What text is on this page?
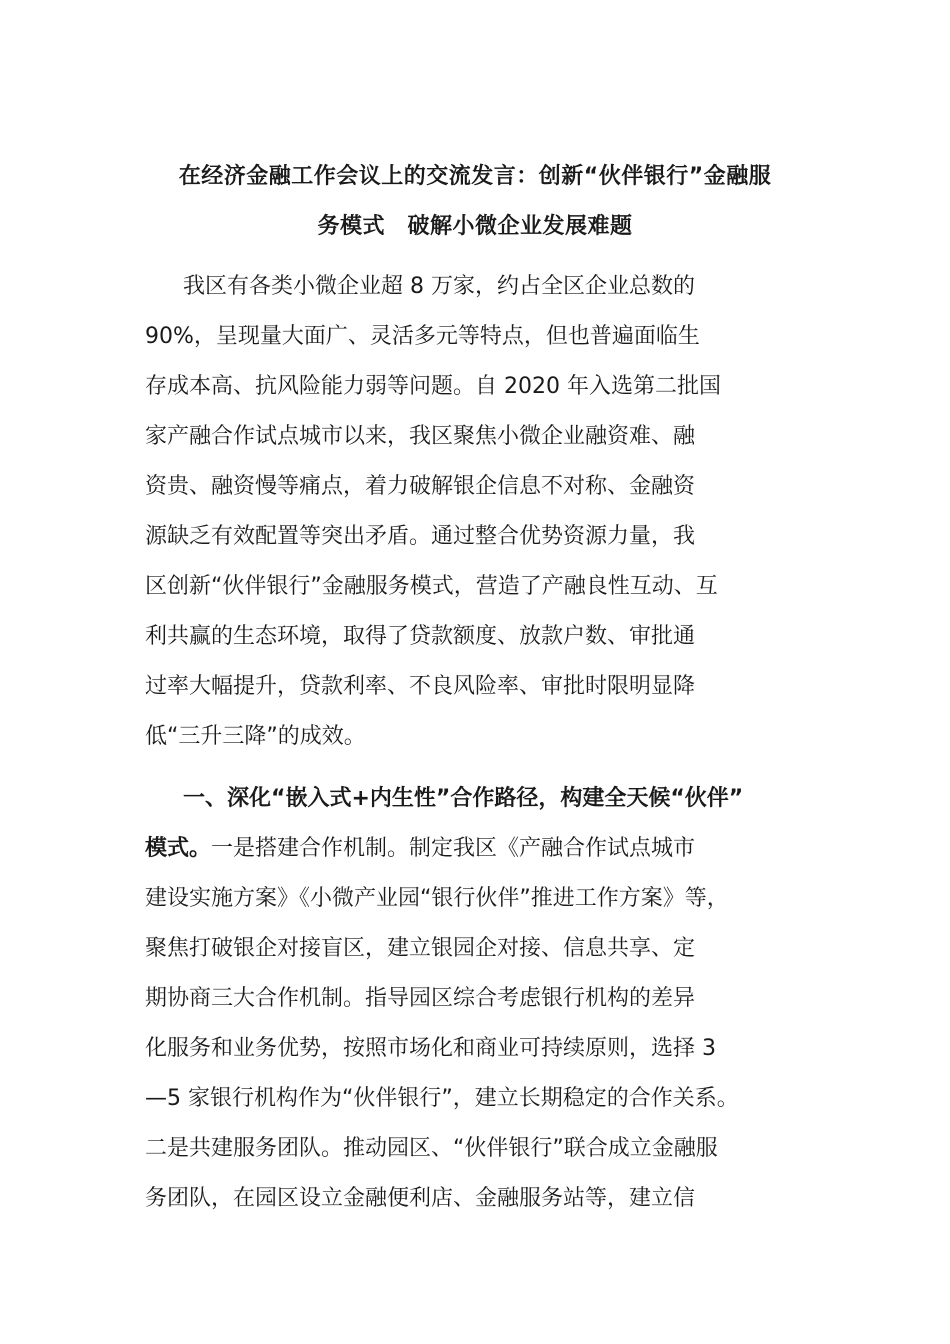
在经济金融工作会议上的交流发言：创新“伙伴银行”金融服
务模式　破解小微企业发展难题
我区有各类小微企业超 8 万家，约占全区企业总数的
90%，呈现量大面广、灵活多元等特点，但也普遍面临生
存成本高、抗风险能力弱等问题。自 2020 年入选第二批国
家产融合作试点城市以来，我区聚焦小微企业融资难、融
资贵、融资慢等痛点，着力破解银企信息不对称、金融资
源缺乏有效配置等突出矛盾。通过整合优势资源力量，我
区创新“伙伴银行”金融服务模式，营造了产融良性互动、互
利共赢的生态环境，取得了贷款额度、放款户数、审批通
过率大幅提升，贷款利率、不良风险率、审批时限明显降
低“三升三降”的成效。
一、深化“嵌入式+内生性”合作路径，构建全天候“伙伴”
模式。一是搭建合作机制。制定我区《产融合作试点城市
建设实施方案》《小微产业园“银行伙伴”推进工作方案》等，
聚焦打破银企对接盲区，建立银园企对接、信息共享、定
期协商三大合作机制。指导园区综合考虑银行机构的差异
化服务和业务优势，按照市场化和商业可持续原则，选择 3
—5 家银行机构作为“伙伴银行”，建立长期稳定的合作关系。
二是共建服务团队。推动园区、“伙伴银行”联合成立金融服
务团队，在园区设立金融便利店、金融服务站等，建立信
